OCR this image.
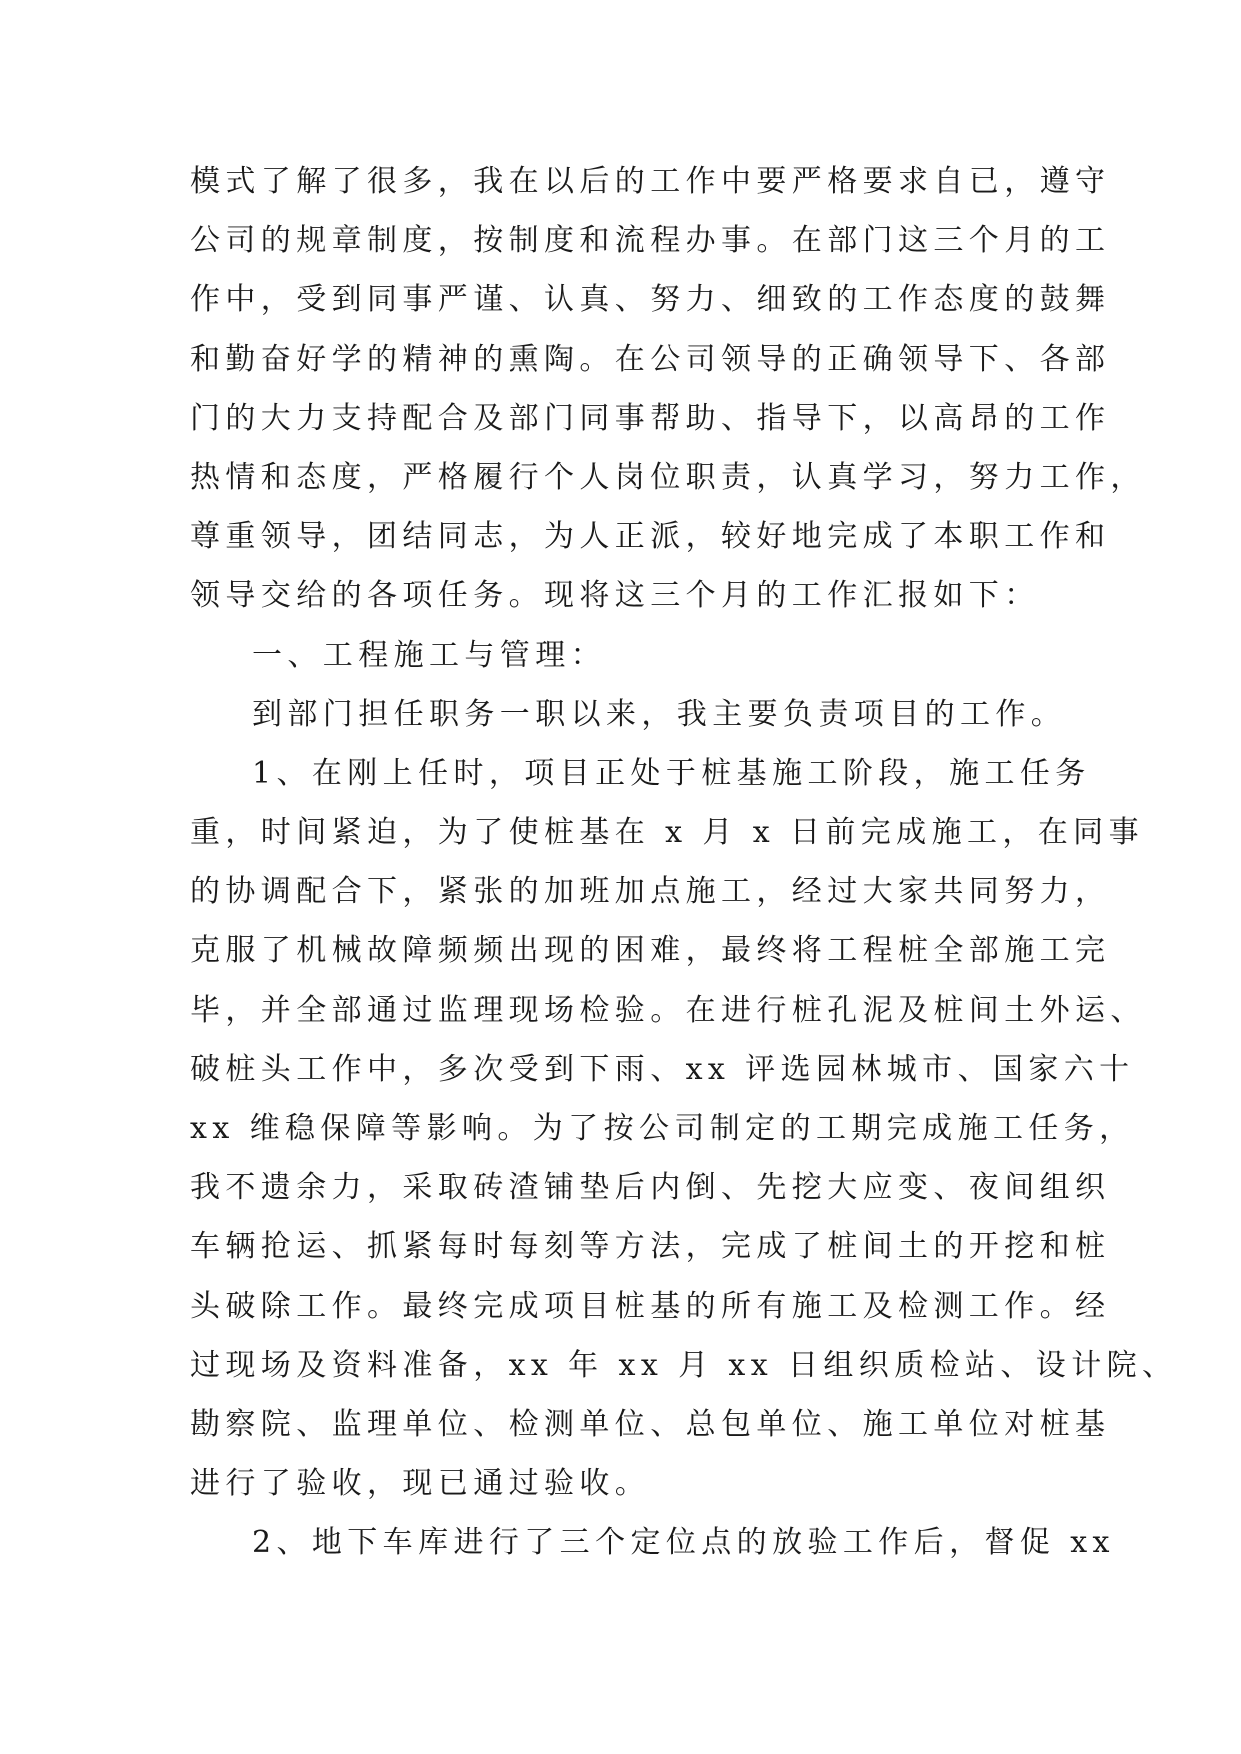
模式了解了很多，我在以后的工作中要严格要求自已，遵守
公司的规章制度，按制度和流程办事。在部门这三个月的工
作中，受到同事严谨、认真、努力、细致的工作态度的鼓舞
和勤奋好学的精神的熏陶。在公司领导的正确领导下、各部
门的大力支持配合及部门同事帮助、指导下，以高昂的工作
热情和态度，严格履行个人岗位职责，认真学习，努力工作，
尊重领导，团结同志，为人正派，较好地完成了本职工作和
领导交给的各项任务。现将这三个月的工作汇报如下：
一、工程施工与管理：
到部门担任职务一职以来，我主要负责项目的工作。
1、在刚上任时，项目正处于桩基施工阶段，施工任务
重，时间紧迫，为了使桩基在 x 月 x 日前完成施工，在同事
的协调配合下，紧张的加班加点施工，经过大家共同努力，
克服了机械故障频频出现的困难，最终将工程桩全部施工完
毕，并全部通过监理现场检验。在进行桩孔泥及桩间土外运、
破桩头工作中，多次受到下雨、xx 评选园林城市、国家六十
xx 维稳保障等影响。为了按公司制定的工期完成施工任务，
我不遗余力，采取砖渣铺垫后内倒、先挖大应变、夜间组织
车辆抢运、抓紧每时每刻等方法，完成了桩间土的开挖和桩
头破除工作。最终完成项目桩基的所有施工及检测工作。经
过现场及资料准备，xx 年 xx 月 xx 日组织质检站、设计院、
勘察院、监理单位、检测单位、总包单位、施工单位对桩基
进行了验收，现已通过验收。
2、地下车库进行了三个定位点的放验工作后，督促 xx
